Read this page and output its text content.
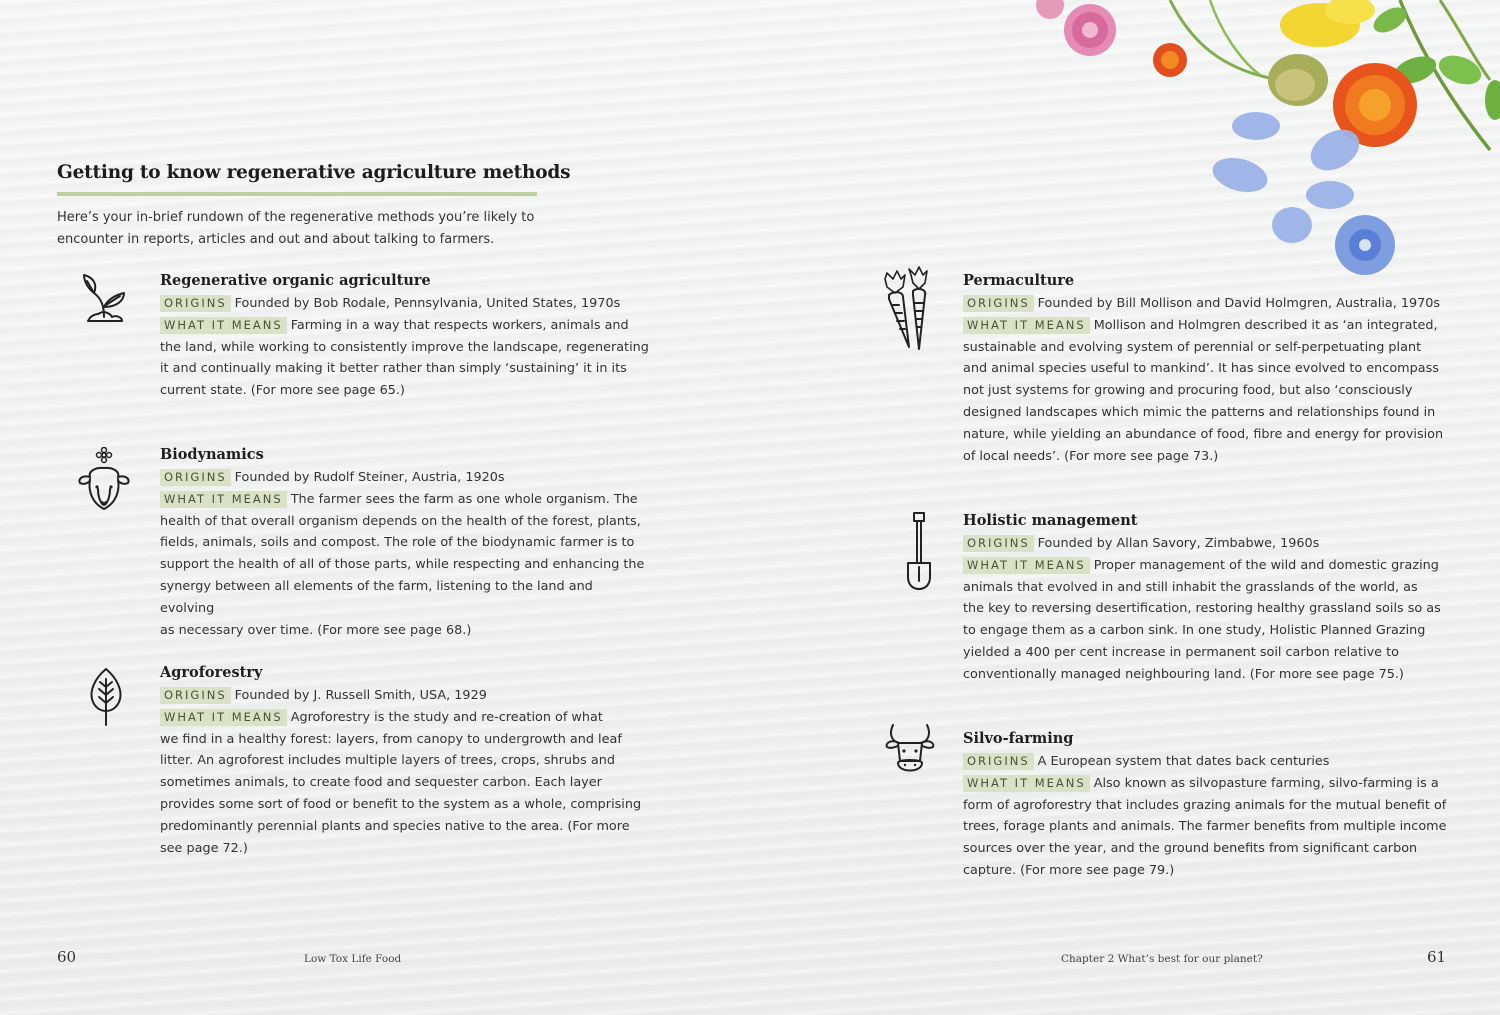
Getting to know regenerative agriculture methods
Here’s your in-brief rundown of the regenerative methods you’re likely to encounter in reports, articles and out and about talking to farmers.
Regenerative organic agriculture
ORIGINS Founded by Bob Rodale, Pennsylvania, United States, 1970s
WHAT IT MEANS Farming in a way that respects workers, animals and
the land, while working to consistently improve the landscape, regenerating
it and continually making it better rather than simply ‘sustaining’ it in its
current state. (For more see page 65.)
Biodynamics
ORIGINS Founded by Rudolf Steiner, Austria, 1920s
WHAT IT MEANS The farmer sees the farm as one whole organism. The
health of that overall organism depends on the health of the forest, plants,
fields, animals, soils and compost. The role of the biodynamic farmer is to
support the health of all of those parts, while respecting and enhancing the
synergy between all elements of the farm, listening to the land and evolving
as necessary over time. (For more see page 68.)
Agroforestry
ORIGINS Founded by J. Russell Smith, USA, 1929
WHAT IT MEANS Agroforestry is the study and re-creation of what
we find in a healthy forest: layers, from canopy to undergrowth and leaf
litter. An agroforest includes multiple layers of trees, crops, shrubs and
sometimes animals, to create food and sequester carbon. Each layer
provides some sort of food or benefit to the system as a whole, comprising
predominantly perennial plants and species native to the area. (For more
see page 72.)
60	Low Tox Life Food
Permaculture
ORIGINS Founded by Bill Mollison and David Holmgren, Australia, 1970s
WHAT IT MEANS Mollison and Holmgren described it as ‘an integrated,
sustainable and evolving system of perennial or self-perpetuating plant
and animal species useful to mankind’. It has since evolved to encompass
not just systems for growing and procuring food, but also ‘consciously
designed landscapes which mimic the patterns and relationships found in
nature, while yielding an abundance of food, fibre and energy for provision
of local needs’. (For more see page 73.)
Holistic management
ORIGINS Founded by Allan Savory, Zimbabwe, 1960s
WHAT IT MEANS Proper management of the wild and domestic grazing
animals that evolved in and still inhabit the grasslands of the world, as
the key to reversing desertification, restoring healthy grassland soils so as
to engage them as a carbon sink. In one study, Holistic Planned Grazing
yielded a 400 per cent increase in permanent soil carbon relative to
conventionally managed neighbouring land. (For more see page 75.)
Silvo-farming
ORIGINS A European system that dates back centuries
WHAT IT MEANS Also known as silvopasture farming, silvo-farming is a
form of agroforestry that includes grazing animals for the mutual benefit of
trees, forage plants and animals. The farmer benefits from multiple income
sources over the year, and the ground benefits from significant carbon
capture. (For more see page 79.)
Chapter 2 What’s best for our planet?	61
